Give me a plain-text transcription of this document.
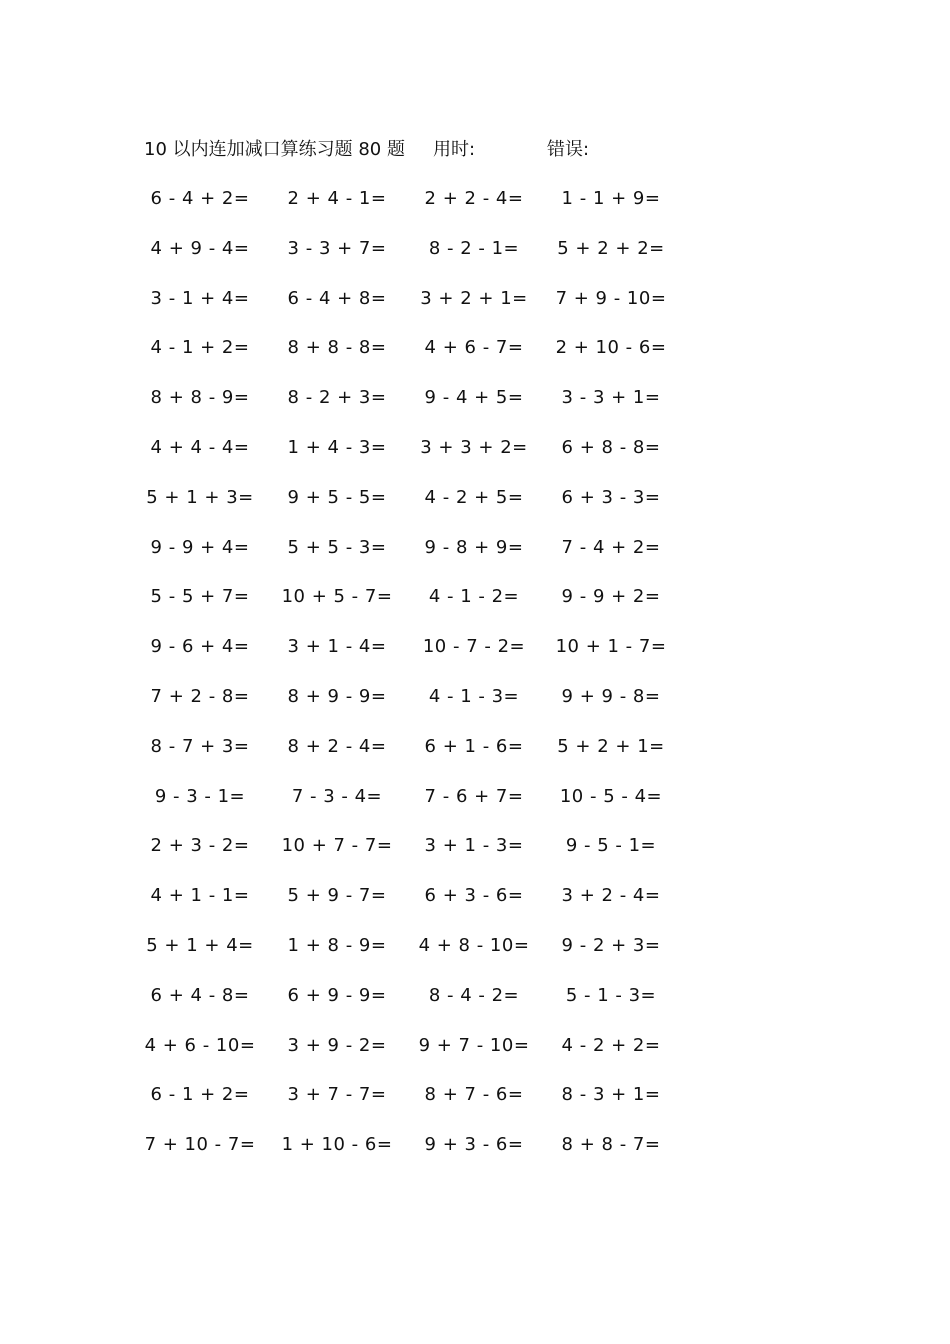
10 以内连加减口算练习题 80 题 用时:	错误:
6 - 4 + 2=	2 + 4 - 1=	2 + 2 - 4=	1 - 1 + 9=
4 + 9 - 4=	3 - 3 + 7=	8 - 2 - 1=	5 + 2 + 2=
3 - 1 + 4=	6 - 4 + 8=	3 + 2 + 1=	7 + 9 - 10=
4 - 1 + 2=	8 + 8 - 8=	4 + 6 - 7=	2 + 10 - 6=
8 + 8 - 9=	8 - 2 + 3=	9 - 4 + 5=	3 - 3 + 1=
4 + 4 - 4=	1 + 4 - 3=	3 + 3 + 2=	6 + 8 - 8=
5 + 1 + 3=	9 + 5 - 5=	4 - 2 + 5=	6 + 3 - 3=
9 - 9 + 4=	5 + 5 - 3=	9 - 8 + 9=	7 - 4 + 2=
5 - 5 + 7=	10 + 5 - 7=	4 - 1 - 2=	9 - 9 + 2=
9 - 6 + 4=	3 + 1 - 4=	10 - 7 - 2=	10 + 1 - 7=
7 + 2 - 8=	8 + 9 - 9=	4 - 1 - 3=	9 + 9 - 8=
8 - 7 + 3=	8 + 2 - 4=	6 + 1 - 6=	5 + 2 + 1=
9 - 3 - 1=	7 - 3 - 4=	7 - 6 + 7=	10 - 5 - 4=
2 + 3 - 2=	10 + 7 - 7=	3 + 1 - 3=	9 - 5 - 1=
4 + 1 - 1=	5 + 9 - 7=	6 + 3 - 6=	3 + 2 - 4=
5 + 1 + 4=	1 + 8 - 9=	4 + 8 - 10=	9 - 2 + 3=
6 + 4 - 8=	6 + 9 - 9=	8 - 4 - 2=	5 - 1 - 3=
4 + 6 - 10=	3 + 9 - 2=	9 + 7 - 10=	4 - 2 + 2=
6 - 1 + 2=	3 + 7 - 7=	8 + 7 - 6=	8 - 3 + 1=
7 + 10 - 7=	1 + 10 - 6=	9 + 3 - 6=	8 + 8 - 7=
